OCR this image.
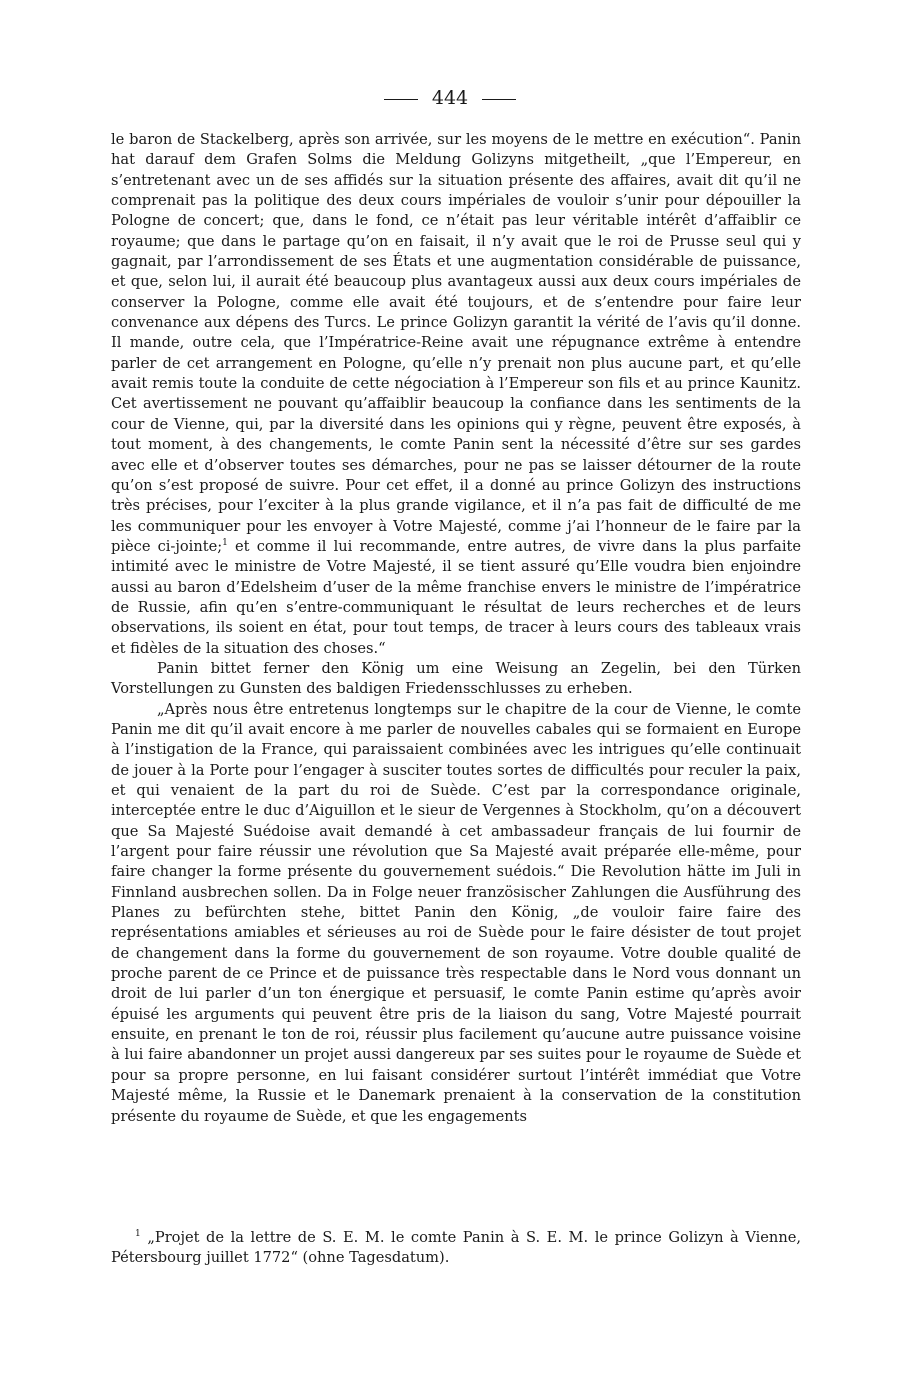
444

le baron de Stackelberg, après son arrivée, sur les moyens de le mettre en exécution“. Panin hat darauf dem Grafen Solms die Meldung Golizyns mitgetheilt, „que l’Empereur, en s’entretenant avec un de ses affidés sur la situation présente des affaires, avait dit qu’il ne comprenait pas la politique des deux cours impériales de vouloir s’unir pour dépouiller la Pologne de concert; que, dans le fond, ce n’était pas leur véritable intérêt d’affaiblir ce royaume; que dans le partage qu’on en faisait, il n’y avait que le roi de Prusse seul qui y gagnait, par l’arrondissement de ses États et une augmentation considérable de puissance, et que, selon lui, il aurait été beaucoup plus avantageux aussi aux deux cours impériales de conserver la Pologne, comme elle avait été toujours, et de s’entendre pour faire leur convenance aux dépens des Turcs. Le prince Golizyn garantit la vérité de l’avis qu’il donne. Il mande, outre cela, que l’Impératrice-Reine avait une répugnance extrême à entendre parler de cet arrangement en Pologne, qu’elle n’y prenait non plus aucune part, et qu’elle avait remis toute la conduite de cette négociation à l’Empereur son fils et au prince Kaunitz. Cet avertissement ne pouvant qu’affaiblir beaucoup la confiance dans les sentiments de la cour de Vienne, qui, par la diversité dans les opinions qui y règne, peuvent être exposés, à tout moment, à des changements, le comte Panin sent la nécessité d’être sur ses gardes avec elle et d’observer toutes ses démarches, pour ne pas se laisser détourner de la route qu’on s’est proposé de suivre. Pour cet effet, il a donné au prince Golizyn des instructions très précises, pour l’exciter à la plus grande vigilance, et il n’a pas fait de difficulté de me les communiquer pour les envoyer à Votre Majesté, comme j’ai l’honneur de le faire par la pièce ci-jointe;$^1$ et comme il lui recommande, entre autres, de vivre dans la plus parfaite intimité avec le ministre de Votre Majesté, il se tient assuré qu’Elle voudra bien enjoindre aussi au baron d’Edelsheim d’user de la même franchise envers le ministre de l’impératrice de Russie, afin qu’en s’entre-communiquant le résultat de leurs recherches et de leurs observations, ils soient en état, pour tout temps, de tracer à leurs cours des tableaux vrais et fidèles de la situation des choses.“

Panin bittet ferner den König um eine Weisung an Zegelin, bei den Türken Vorstellungen zu Gunsten des baldigen Friedensschlusses zu erheben.

„Après nous être entretenus longtemps sur le chapitre de la cour de Vienne, le comte Panin me dit qu’il avait encore à me parler de nouvelles cabales qui se formaient en Europe à l’instigation de la France, qui paraissaient combinées avec les intrigues qu’elle continuait de jouer à la Porte pour l’engager à susciter toutes sortes de difficultés pour reculer la paix, et qui venaient de la part du roi de Suède. C’est par la correspondance originale, interceptée entre le duc d’Aiguillon et le sieur de Vergennes à Stockholm, qu’on a découvert que Sa Majesté Suédoise avait demandé à cet ambassadeur français de lui fournir de l’argent pour faire réussir une révolution que Sa Majesté avait préparée elle-même, pour faire changer la forme présente du gouvernement suédois.“ Die Revolution hätte im Juli in Finnland ausbrechen sollen. Da in Folge neuer französischer Zahlungen die Ausführung des Planes zu befürchten stehe, bittet Panin den König, „de vouloir faire faire des représentations amiables et sérieuses au roi de Suède pour le faire désister de tout projet de changement dans la forme du gouvernement de son royaume. Votre double qualité de proche parent de ce Prince et de puissance très respectable dans le Nord vous donnant un droit de lui parler d’un ton énergique et persuasif, le comte Panin estime qu’après avoir épuisé les arguments qui peuvent être pris de la liaison du sang, Votre Majesté pourrait ensuite, en prenant le ton de roi, réussir plus facilement qu’aucune autre puissance voisine à lui faire abandonner un projet aussi dangereux par ses suites pour le royaume de Suède et pour sa propre personne, en lui faisant considérer surtout l’intérêt immédiat que Votre Majesté même, la Russie et le Danemark prenaient à la conservation de la constitution présente du royaume de Suède, et que les engagements

$^1$ „Projet de la lettre de S. E. M. le comte Panin à S. E. M. le prince Golizyn à Vienne, Pétersbourg juillet 1772“ (ohne Tagesdatum).
